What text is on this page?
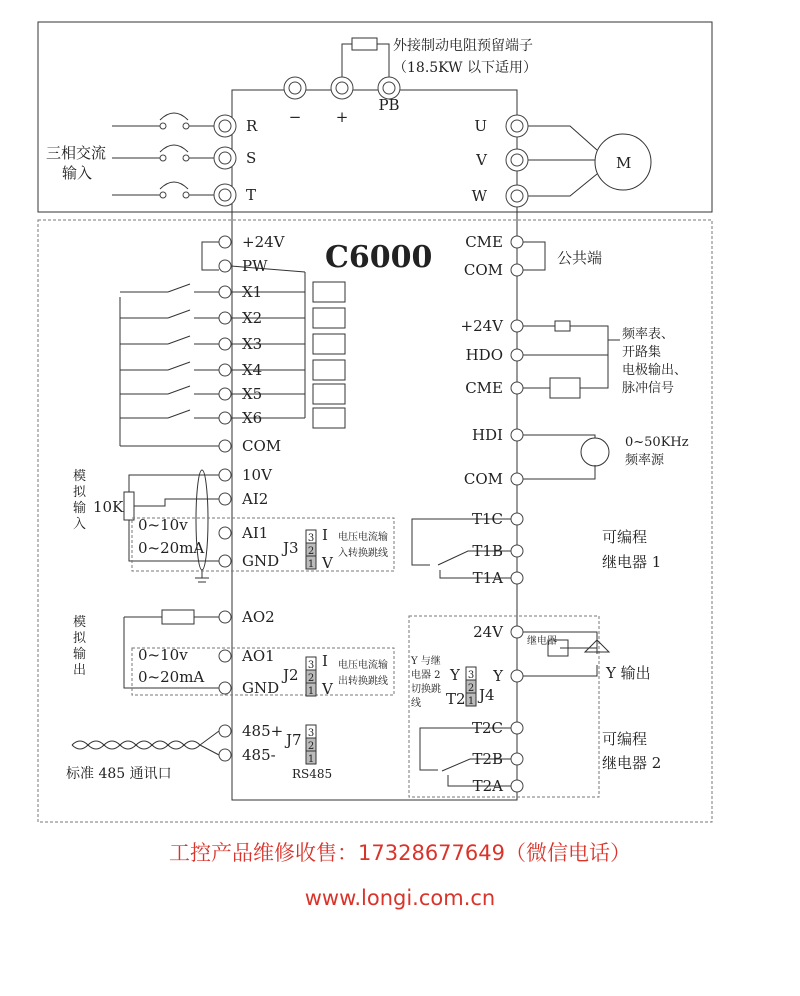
− +
PB
R
S
T
U
V
W
+24V
PW
X1
X2
X3
X4
X5
X6
COM
10V
AI2
AI1
GND
AO2
AO1
GND
485+
485-
CME
COM
+24V
HDO
CME
HDI
COM
T1C
T1B
T1A
24V
Y
T2C
T2B
T2A
频率表、
开路集
电极输出、
脉冲信号
0~50KHz
频率源
3
2
1
3
2
1
3
2
1
3
2
1
模
拟
输
入
模
拟
输
出
C6000
外接制动电阻预留端子
（18.5KW 以下适用）
三相交流
输入
M
公共端
可编程
继电器 1
可编程
继电器 2
Y 输出
继电器
10K
0~10v
0~20mA
0~10v
0~20mA
J3
I
V
电压电流输
入转换跳线
J2
I
V
电压电流输
出转换跳线
J4
Y
T2
Y 与继
电器 2
切换跳
线
J7
RS485
标准 485 通讯口
工控产品维修收售：17328677649（微信电话）
www.longi.com.cn
